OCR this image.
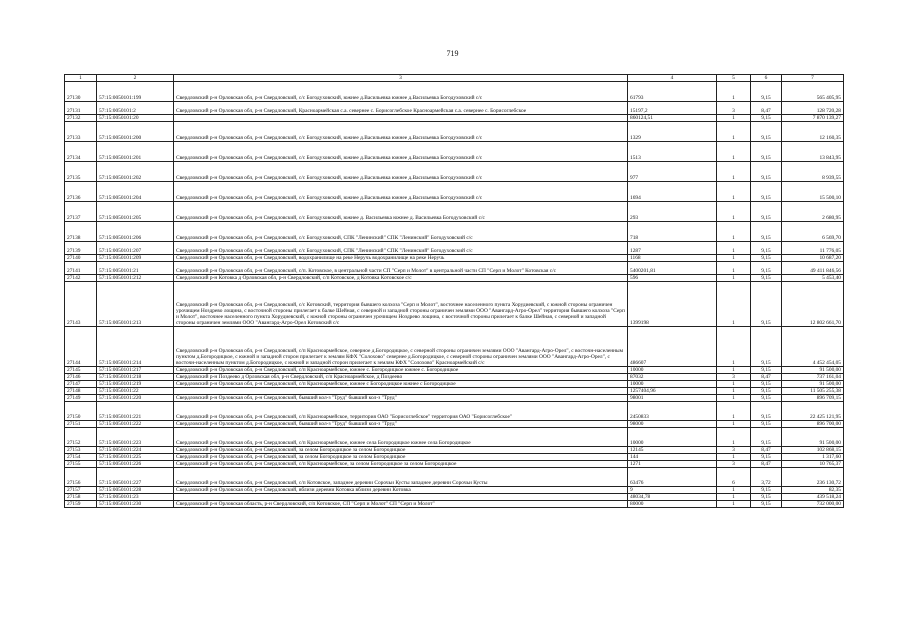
719
1	2	3	4	5	6	7
27130	57:15:0050101:199	Свердловский р-н Орловская обл, р-н Свердловский, с/с Богодуховский, южнее д.Васильевка южнее д.Васильевка Богодуховский с/с	61793	1	9,15	565 405,95
27131	57:15:0050101:2	Свердловский р-н Орловская обл, р-н Свердловский, Красноармейская с.а. севернее с. Борисоглебское Красноармейская с.а. севернее с. Борисоглебское	15197,2	3	8,47	128 720,28
27132	57:15:0050101:20		860124,51	1	9,15	7 870 139,27
27133	57:15:0050101:200	Свердловский р-н Орловская обл, р-н Свердловский, с/с Богодуховский, южнее д.Васильевка южнее д.Васильевка Богодуховский с/с	1329	1	9,15	12 160,35
27134	57:15:0050101:201	Свердловский р-н Орловская обл, р-н Свердловский, с/с Богодуховский, южнее д.Васильевка южнее д.Васильевка Богодуховский с/с	1513	1	9,15	13 843,95
27135	57:15:0050101:202	Свердловский р-н Орловская обл, р-н Свердловский, с/с Богодуховский, южнее д.Васильевка южнее д.Васильевка Богодуховский с/с	977	1	9,15	8 939,55
27136	57:15:0050101:204	Свердловский р-н Орловская обл, р-н Свердловский, с/с Богодуховский, южнее д.Васильевка южнее д.Васильевка Богодуховский с/с	1694	1	9,15	15 500,10
27137	57:15:0050101:205	Свердловский р-н Орловская обл, р-н Свердловский, с/с Богодуховский, южнее д. Васильевка южнее д. Васильевка Богодуховский с/с	293	1	9,15	2 680,95
27138	57:15:0050101:206	Свердловский р-н Орловская обл, р-н Свердловский, с/с Богодуховский, СПК "Ленинский" СПК "Ленинский" Богодуховский с/с	718	1	9,15	6 569,70
27139	57:15:0050101:207	Свердловский р-н Орловская обл, р-н Свердловский, с/с Богодуховский, СПК "Ленинский" СПК "Ленинский" Богодуховский с/с	1287	1	9,15	11 776,05
27140	57:15:0050101:209	Свердловский р-н Орловская обл, р-н Свердловский, водохранилище на реке Неручь водохранилище на реке Неручь	1168	1	9,15	10 687,20
27141	57:15:0050101:21	Свердловский р-н Орловская обл, р-н Свердловский, с/п. Котовское, в центральной части СП "Серп и Молот" в центральной части СП "Серп и Молот" Котовская с/с	5400201,81	1	9,15	49 411 846,56
27142	57:15:0050101:212	Свердловский р-н Котовка д Орловская обл, р-н Свердловский, с/п Котовское, д Котовка Котовское с/с	596	1	9,15	5 453,40
27143	57:15:0050101:213	Свердловский р-н Орловская обл, р-н Свердловский, с/с Котовский, территория бывшего колхоза "Серп и Молот", восточнее населенного пункта Хорудиевский, с южной стороны ограничен урочищем Ноздрево лощина, с восточной стороны прилегает к балке Шейная, с северной и западной стороны ограничен землями ООО "Авангард-Агро-Орел" территория бывшего колхоза "Серп и Молот", восточнее населенного пункта Хорудиевский, с южной стороны ограничен урочищем Ноздрево лощина, с восточной стороны прилегает к балке Шейная, с северной и западной стороны ограничен землями ООО "Авангард-Агро-Орел Котовский с/с	1399198	1	9,15	12 802 661,70
27144	57:15:0050101:214	Свердловский р-н Орловская обл, р-н Свердловский, с/п Красноармейское, северное д.Богородицкое, с северной стороны ограничен землями ООО "Авангард-Агро-Орел", с восточн-населенным пунктом д.Богородицкое, с южной и западной сторон прилегает к землям КФХ "Солохово" севернее д.Богородицкое, с северной стороны ограничен землями ООО "Авангард-Агро-Орел", с восточн-населенным пунктом д.Богородицкое, с южной и западной сторон прилегает к землям КФХ "Солохово" Красноармейский с/с	486607	1	9,15	4 452 454,05
27145	57:15:0050101:217	Свердловский р-н Орловская обл, р-н Свердловский, с/п Красноармейское, южнее с. Богородицкое южнее с. Богородицкое	10000	1	9,15	91 500,00
27146	57:15:0050101:218	Свердловский р-н Поздеево д Орловская обл, р-н Свердловский, с/п Красноармейское, д Поздеево	87032	3	8,47	737 161,04
27147	57:15:0050101:219	Свердловский р-н Орловская обл, р-н Свердловский, с/п Красноармейское, южнее с Богородицкое южнее с Богородицкое	10000	1	9,15	91 500,00
27148	57:15:0050101:22		1257404,96	1	9,15	11 505 255,38
27149	57:15:0050101:220	Свердловский р-н Орловская обл, р-н Свердловский, бывший кол-з "Труд" бывший кол-з "Труд"	98001	1	9,15	896 709,15
27150	57:15:0050101:221	Свердловский р-н Орловская обл, р-н Свердловский, с/п Красноармейское, территория ОАО "Борисоглебское" территория ОАО "Борисоглебское"	2450833	1	9,15	22 425 121,95
27151	57:15:0050101:222	Свердловский р-н Орловская обл, р-н Свердловский, бывший кол-з "Труд" бывший кол-з "Труд"	98000	1	9,15	896 700,00
27152	57:15:0050101:223	Свердловский р-н Орловская обл, р-н Свердловский, с/п Красноармейское, южнее села Богородицкое южнее села Богородицкое	10000	1	9,15	91 500,00
27153	57:15:0050101:224	Свердловский р-н Орловская обл, р-н Свердловский, за селом Богородицкое за селом Богородицкое	12145	3	8,47	102 868,15
27154	57:15:0050101:225	Свердловский р-н Орловская обл, р-н Свердловский, за селом Богородицкое за селом Богородицкое	144	1	9,15	1 317,60
27155	57:15:0050101:226	Свердловский р-н Орловская обл, р-н Свердловский, с/п Красноармейское, за селом Богородицкое за селом Богородицкое	1271	3	8,47	10 765,37
27156	57:15:0050101:227	Свердловский р-н Орловская обл, р-н Свердловский, с/п Котовское, западнее деревни Сорочьи Кусты западнее деревни Сорочьи Кусты	63476	6	3,72	236 130,72
27157	57:15:0050101:228	Свердловский р-н Орловская обл, р-н Свердловский, вблизи деревни Котовка вблизи деревни Котовка	9	1	9,15	82,35
27158	57:15:0050101:23		48034,78	1	9,15	439 518,24
27159	57:15:0050101:230	Свердловский р-н Орловская область, р-н Свердловский, с/п Котовское, СП "Серп и Молот" СП "Серп и Молот"	80000	1	9,15	732 000,00
